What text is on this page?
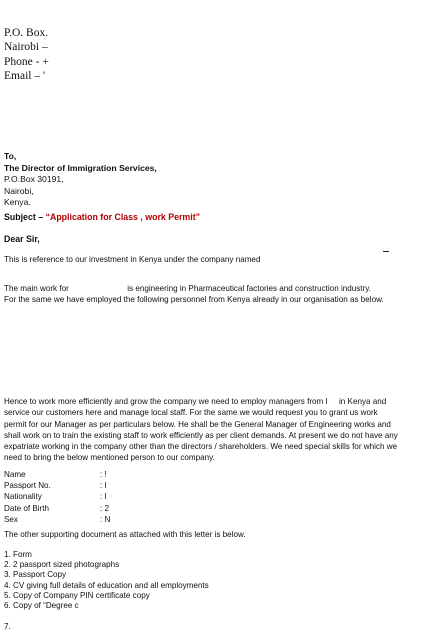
P.O. Box.
Nairobi –
Phone - +
Email – '
To,
The Director of Immigration Services,
P.O.Box 30191,
Nairobi,
Kenya.
Subject – “Application for Class , work Permit”
Dear Sir,
This is reference to our investment in Kenya under the company named
The main work for                          is engineering in Pharmaceutical factories and construction industry.
For the same we have employed the following personnel from Kenya already in our organisation as below.
Hence to work more efficiently and grow the company we need to employ managers from I     in Kenya and
service our customers here and manage local staff. For the same we would request you to grant us work
permit for our Manager as per particulars below. He shall be the General Manager of Engineering works and
shall work on to train the existing staff to work efficiently as per client demands. At present we do not have any
expatriate working in the company other than the directors / shareholders. We need special skills for which we
need to bring the below mentioned person to our company.
Name	: !
Passport No.	: I
Nationality	: I
Date of Birth	: 2
Sex	: N
The other supporting document as attached with this letter is below.
1. Form
2. 2 passport sized photographs
3. Passport Copy
4. CV giving full details of education and all employments
5. Copy of Company PIN certificate copy
6. Copy of “Degree c
7.
